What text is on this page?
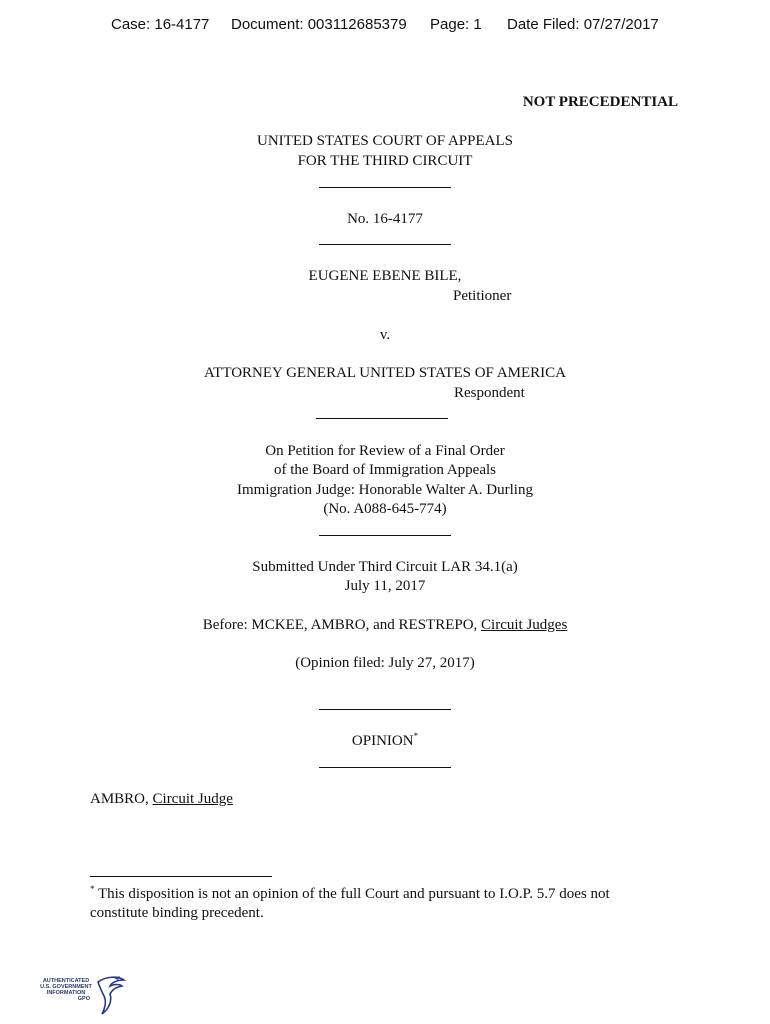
Case: 16-4177 Document: 003112685379 Page: 1 Date Filed: 07/27/2017
NOT PRECEDENTIAL
UNITED STATES COURT OF APPEALS
FOR THE THIRD CIRCUIT
No. 16-4177
EUGENE EBENE BILE,
Petitioner
v.
ATTORNEY GENERAL UNITED STATES OF AMERICA
Respondent
On Petition for Review of a Final Order
of the Board of Immigration Appeals
Immigration Judge: Honorable Walter A. Durling
(No. A088-645-774)
Submitted Under Third Circuit LAR 34.1(a)
July 11, 2017
Before: MCKEE, AMBRO, and RESTREPO, Circuit Judges
(Opinion filed: July 27, 2017)
OPINION*
AMBRO, Circuit Judge
* This disposition is not an opinion of the full Court and pursuant to I.O.P. 5.7 does not
constitute binding precedent.
AUTHENTICATED
U.S. GOVERNMENT
INFORMATION
GPO
